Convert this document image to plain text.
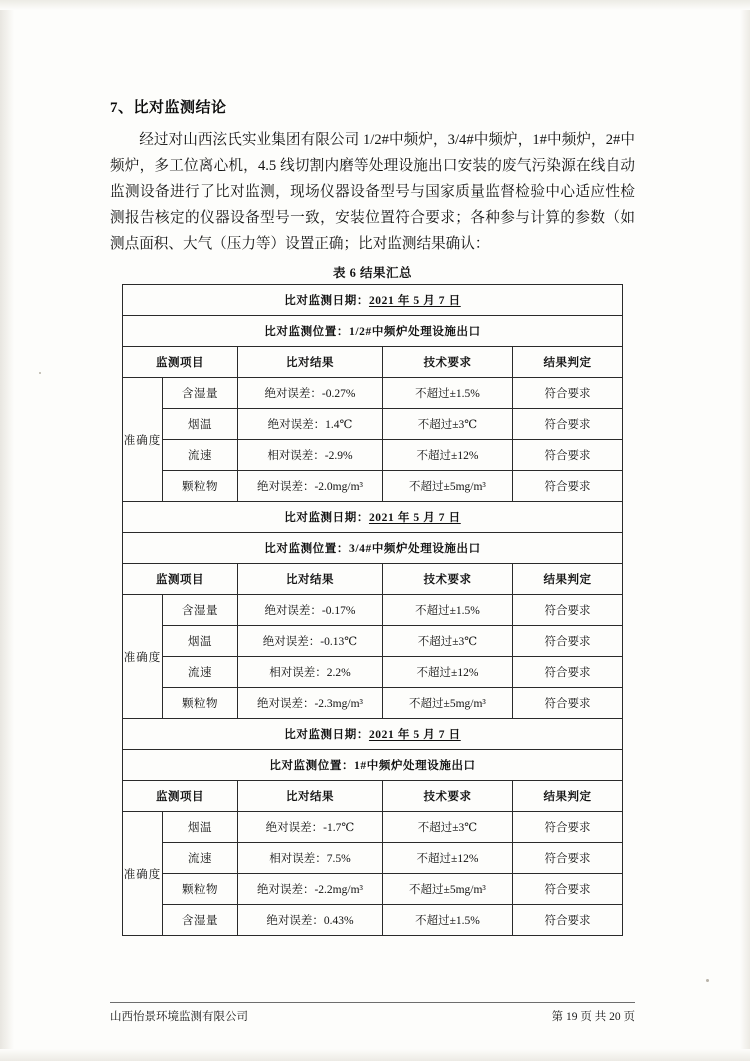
7、比对监测结论

经过对山西泫氏实业集团有限公司 1/2#中频炉，3/4#中频炉，1#中频炉，2#中频炉，多工位离心机，4.5 线切割内磨等处理设施出口安装的废气污染源在线自动监测设备进行了比对监测，现场仪器设备型号与国家质量监督检验中心适应性检测报告核定的仪器设备型号一致，安装位置符合要求；各种参与计算的参数（如测点面积、大气（压力等）设置正确；比对监测结果确认：

表 6 结果汇总
比对监测日期：2021 年 5 月 7 日				
比对监测位置：1/2#中频炉处理设施出口				
监测项目		比对结果	技术要求	结果判定
准确度	含湿量	绝对误差：-0.27%	不超过±1.5%	符合要求
	烟温	绝对误差：1.4℃	不超过±3℃	符合要求
	流速	相对误差：-2.9%	不超过±12%	符合要求
	颗粒物	绝对误差：-2.0mg/m³	不超过±5mg/m³	符合要求
比对监测日期：2021 年 5 月 7 日				
比对监测位置：3/4#中频炉处理设施出口				
监测项目		比对结果	技术要求	结果判定
准确度	含湿量	绝对误差：-0.17%	不超过±1.5%	符合要求
	烟温	绝对误差：-0.13℃	不超过±3℃	符合要求
	流速	相对误差：2.2%	不超过±12%	符合要求
	颗粒物	绝对误差：-2.3mg/m³	不超过±5mg/m³	符合要求
比对监测日期：2021 年 5 月 7 日				
比对监测位置：1#中频炉处理设施出口				
监测项目		比对结果	技术要求	结果判定
准确度	烟温	绝对误差：-1.7℃	不超过±3℃	符合要求
	流速	相对误差：7.5%	不超过±12%	符合要求
	颗粒物	绝对误差：-2.2mg/m³	不超过±5mg/m³	符合要求
	含湿量	绝对误差：0.43%	不超过±1.5%	符合要求
山西怡景环境监测有限公司	第 19 页 共 20 页
